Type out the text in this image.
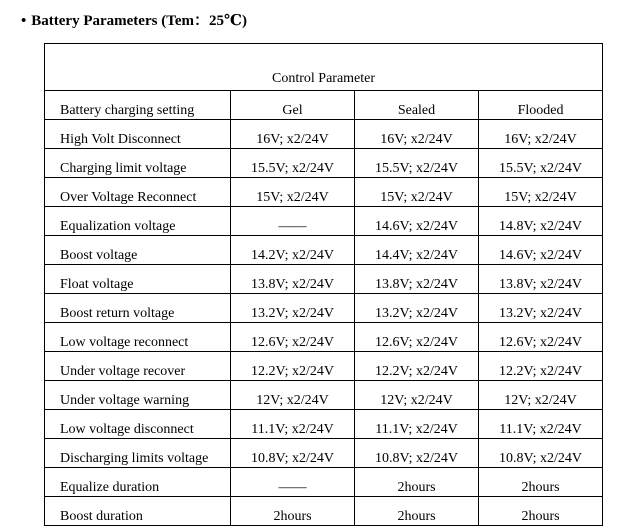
• Battery Parameters (Tem：25℃)
Control Parameter			
Battery charging setting	Gel	Sealed	Flooded
High Volt Disconnect	16V; x2/24V	16V; x2/24V	16V; x2/24V
Charging limit voltage	15.5V; x2/24V	15.5V; x2/24V	15.5V; x2/24V
Over Voltage Reconnect	15V; x2/24V	15V; x2/24V	15V; x2/24V
Equalization voltage	——	14.6V; x2/24V	14.8V; x2/24V
Boost voltage	14.2V; x2/24V	14.4V; x2/24V	14.6V; x2/24V
Float voltage	13.8V; x2/24V	13.8V; x2/24V	13.8V; x2/24V
Boost return voltage	13.2V; x2/24V	13.2V; x2/24V	13.2V; x2/24V
Low voltage reconnect	12.6V; x2/24V	12.6V; x2/24V	12.6V; x2/24V
Under voltage recover	12.2V; x2/24V	12.2V; x2/24V	12.2V; x2/24V
Under voltage warning	12V; x2/24V	12V; x2/24V	12V; x2/24V
Low voltage disconnect	11.1V; x2/24V	11.1V; x2/24V	11.1V; x2/24V
Discharging limits voltage	10.8V; x2/24V	10.8V; x2/24V	10.8V; x2/24V
Equalize duration	——	2hours	2hours
Boost duration	2hours	2hours	2hours
